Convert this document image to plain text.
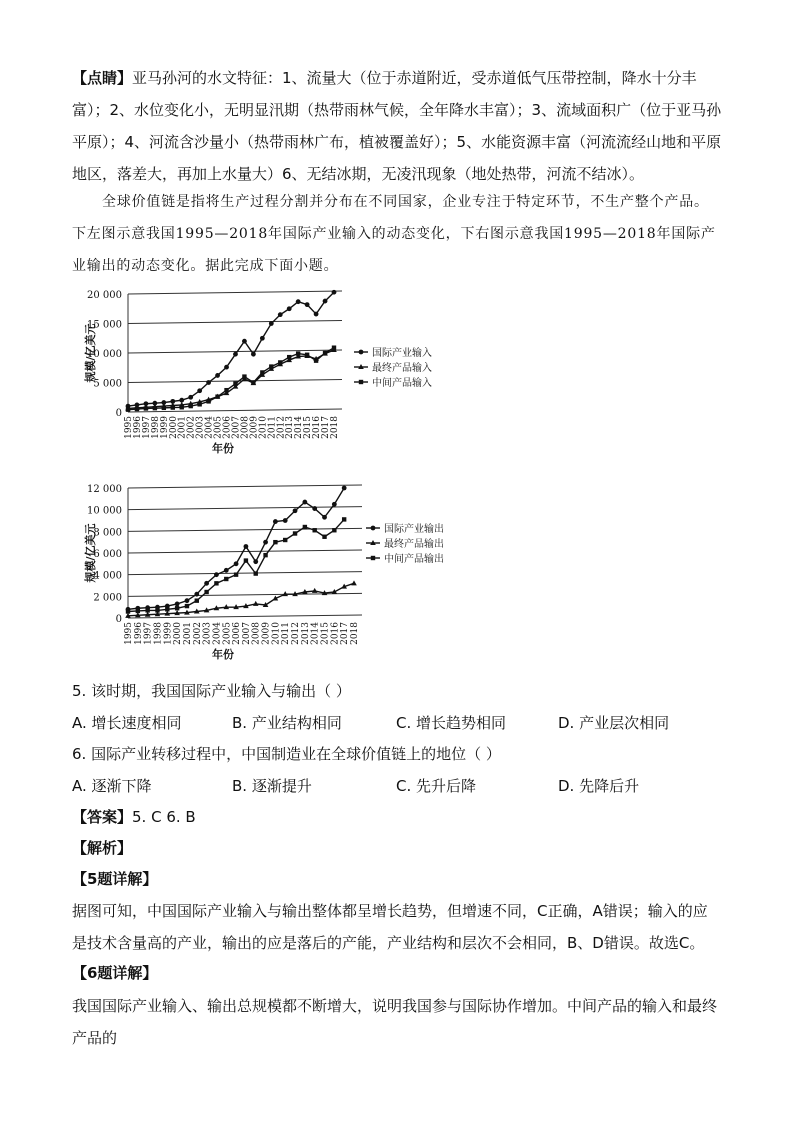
【点睛】亚马孙河的水文特征：1、流量大（位于赤道附近，受赤道低气压带控制，降水十分丰富）；2、水位变化小，无明显汛期（热带雨林气候，全年降水丰富）；3、流域面积广（位于亚马孙平原）；4、河流含沙量小（热带雨林广布，植被覆盖好）；5、水能资源丰富（河流流经山地和平原地区，落差大，再加上水量大）6、无结冰期，无凌汛现象（地处热带，河流不结冰）。

全球价值链是指将生产过程分割并分布在不同国家，企业专注于特定环节，不生产整个产品。下左图示意我国1995—2018年国际产业输入的动态变化，下右图示意我国1995—2018年国际产业输出的动态变化。据此完成下面小题。

0
5 000
10 000
15 000
20 000
1995
1996
1997
1998
1999
2000
2001
2002
2003
2004
2005
2006
2007
2008
2009
2010
2011
2012
2013
2014
2015
2016
2017
2018
规模/亿美元
年份
国际产业输入
最终产品输入
中间产品输入
0
2 000
4 000
6 000
8 000
10 000
12 000
1995 1996 1997 1998 1999 2000 2001 2002 2003 2004 2005 2006 2007 2008 2009 2010 2011 2012 2013 2014 2015 2016 2017 2018
规模/亿美元
年份
国际产业输出
最终产品输出
中间产品输出
5. 该时期，我国国际产业输入与输出（ ）
A. 增长速度相同	B. 产业结构相同	C. 增长趋势相同	D. 产业层次相同
6. 国际产业转移过程中，中国制造业在全球价值链上的地位（ ）
A. 逐渐下降	B. 逐渐提升	C. 先升后降	D. 先降后升
【答案】5. C 6. B
【解析】
【5题详解】
据图可知，中国国际产业输入与输出整体都呈增长趋势，但增速不同，C正确，A错误；输入的应是技术含量高的产业，输出的应是落后的产能，产业结构和层次不会相同，B、D错误。故选C。
【6题详解】
我国国际产业输入、输出总规模都不断增大，说明我国参与国际协作增加。中间产品的输入和最终产品的
